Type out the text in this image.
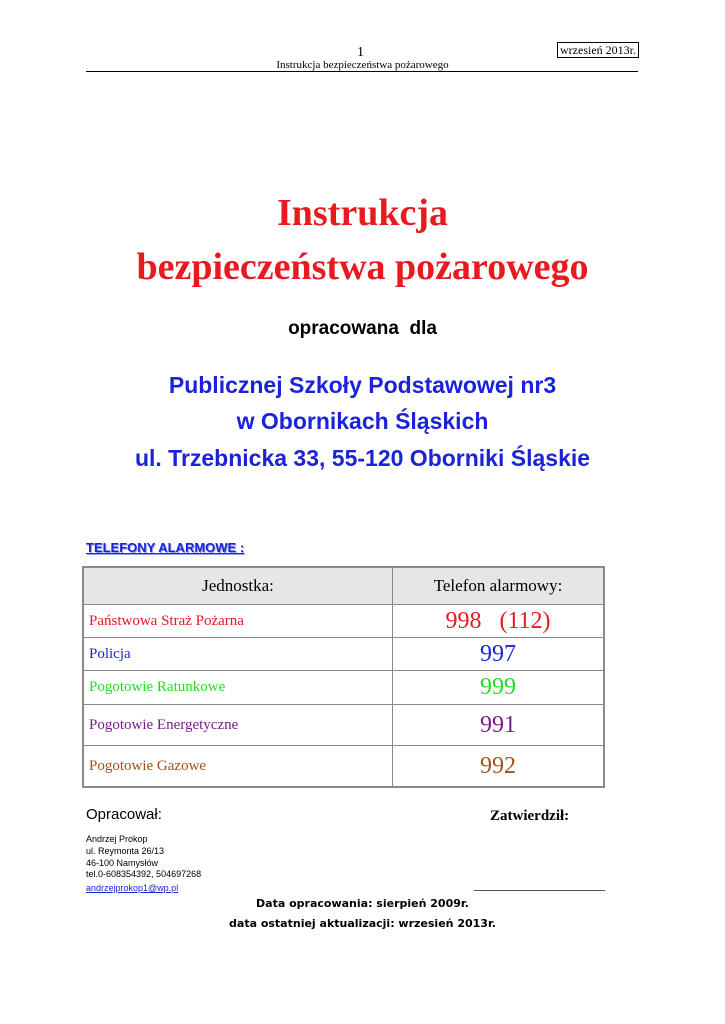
1	wrzesień 2013r.
Instrukcja bezpieczeństwa pożarowego
Instrukcja
bezpieczeństwa pożarowego
opracowana  dla
Publicznej Szkoły Podstawowej nr3
w Obornikach Śląskich
ul. Trzebnicka 33, 55-120 Oborniki Śląskie
TELEFONY ALARMOWE :
Jednostka:	Telefon alarmowy:
Państwowa Straż Pożarna	998   (112)
Policja	997
Pogotowie Ratunkowe	999
Pogotowie Energetyczne	991
Pogotowie Gazowe	992
Opracował:	Zatwierdził:
Andrzej Prokop
ul. Reymonta 26/13
46-100 Namysłów
tel.0-608354392, 504697268
andrzejprokop1@wp.pl
Data opracowania: sierpień 2009r.
data ostatniej aktualizacji: wrzesień 2013r.
